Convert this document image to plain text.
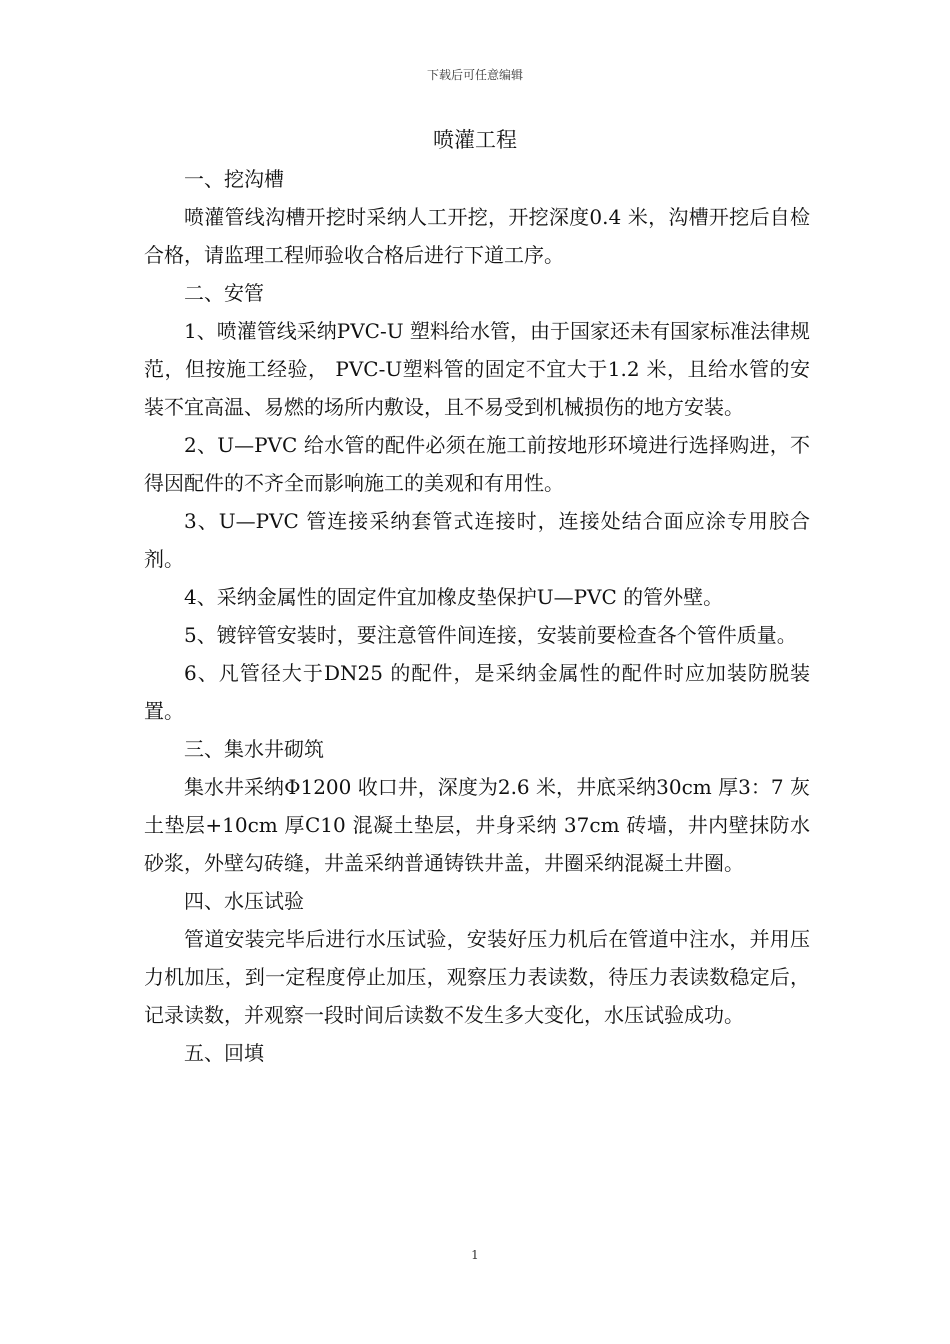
下载后可任意编辑
喷灌工程

一、挖沟槽

喷灌管线沟槽开挖时采纳人工开挖，开挖深度0.4 米，沟槽开挖后自检合格，请监理工程师验收合格后进行下道工序。

二、安管

1、喷灌管线采纳PVC-U 塑料给水管，由于国家还未有国家标准法律规范，但按施工经验， PVC-U塑料管的固定不宜大于1.2 米，且给水管的安装不宜高温、易燃的场所内敷设，且不易受到机械损伤的地方安装。

2、U—PVC 给水管的配件必须在施工前按地形环境进行选择购进，不得因配件的不齐全而影响施工的美观和有用性。

3、U—PVC 管连接采纳套管式连接时，连接处结合面应涂专用胶合剂。

4、采纳金属性的固定件宜加橡皮垫保护U—PVC 的管外壁。

5、镀锌管安装时，要注意管件间连接，安装前要检查各个管件质量。

6、凡管径大于DN25 的配件，是采纳金属性的配件时应加装防脱装置。

三、集水井砌筑

集水井采纳Φ1200 收口井，深度为2.6 米，井底采纳30cm 厚3：7 灰土垫层+10cm 厚C10 混凝土垫层，井身采纳 37cm 砖墙，井内壁抹防水砂浆，外壁勾砖缝，井盖采纳普通铸铁井盖，井圈采纳混凝土井圈。

四、水压试验

管道安装完毕后进行水压试验，安装好压力机后在管道中注水，并用压力机加压，到一定程度停止加压，观察压力表读数，待压力表读数稳定后，记录读数，并观察一段时间后读数不发生多大变化，水压试验成功。

五、回填

1
